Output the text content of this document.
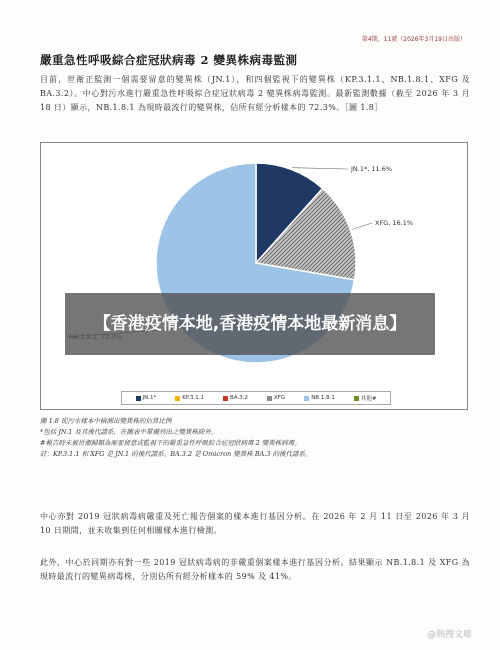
第4期，11號（2026年3月19日出版）
嚴重急性呼吸綜合症冠狀病毒 2 變異株病毒監測
目前，世衛正監測一個需要留意的變異株（JN.1），和四個監視下的變異株（KP.3.1.1、NB.1.8.1、XFG 及 BA.3.2）。中心對污水進行嚴重急性呼吸綜合症冠狀病毒 2 變異株病毒監測。最新監測數據（截至 2026 年 3 月 18 日）顯示，NB.1.8.1 為現時最流行的變異株，佔所有經分析樣本的 72.3%。［圖 1.8］
JN.1*, 11.6%
XFG, 16.1%
JN.1*	KP.3.1.1	BA.3.2	XFG	NB.1.8.1	其他#
圖 1.8 從污水樣本中檢測出變異株的估算比例
*包括 JN.1 及其後代譜系，在圖表中單獨列出之變異株除外。
#報告時未被世衛歸類為需要留意或監視下的嚴重急性呼吸綜合症冠狀病毒 2 變異株病毒。
註：KP.3.1.1 和 XFG 是 JN.1 的後代譜系。BA.3.2 是 Omicron 變異株 BA.3 的後代譜系。
中心亦對 2019 冠狀病毒病嚴重及死亡報告個案的樣本進行基因分析。在 2026 年 2 月 11 日至 2026 年 3 月 10 日期間，並未收集到任何相關樣本進行檢測。
此外，中心於同期亦有對一些 2019 冠狀病毒病的非嚴重個案樣本進行基因分析。結果顯示 NB.1.8.1 及 XFG 為現時最流行的變異病毒株，分別佔所有經分析樣本的 59% 及 41%。
【香港疫情本地,香港疫情本地最新消息】
@熱搜文庫
